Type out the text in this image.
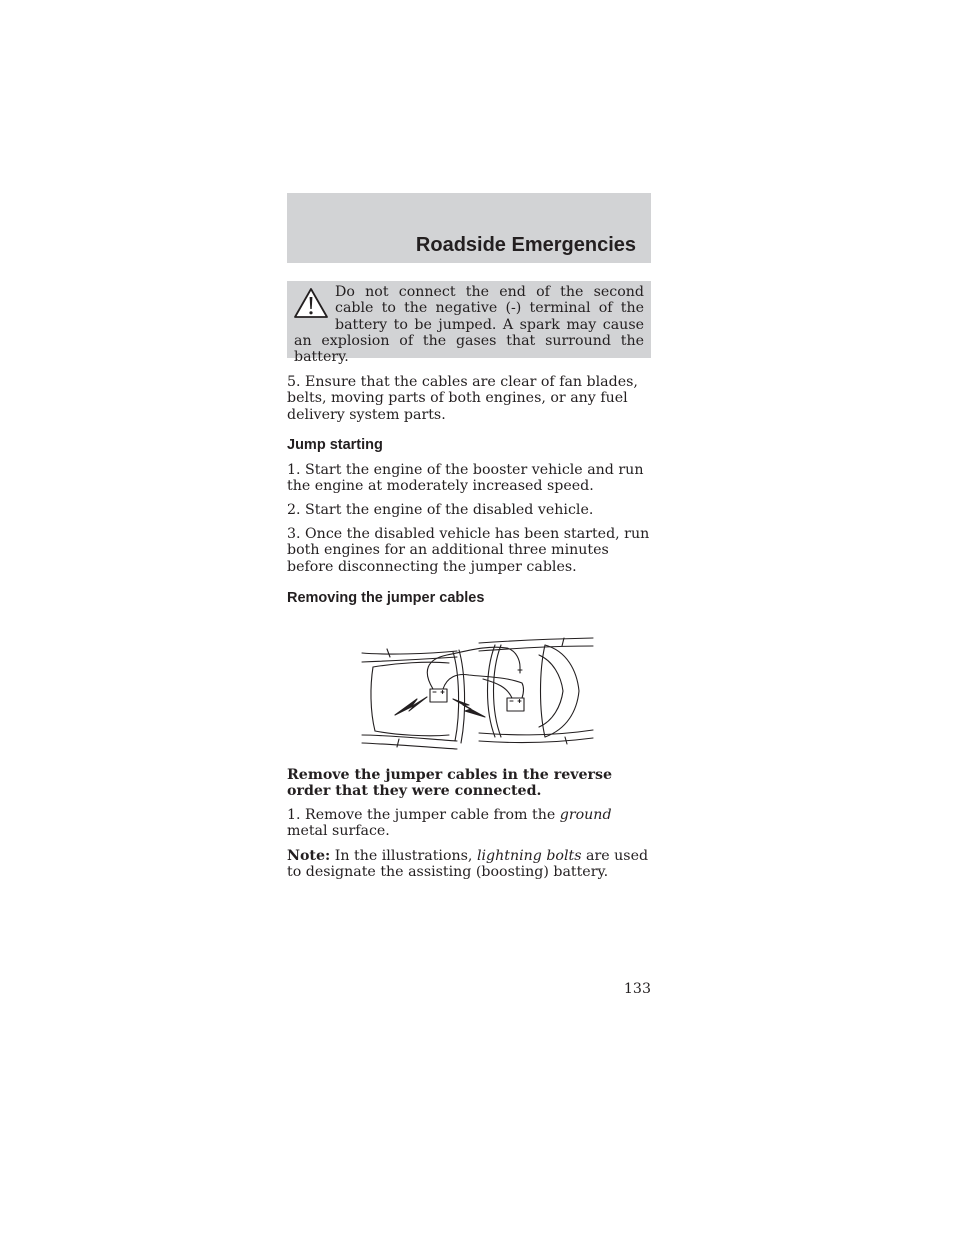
Roadside Emergencies
Do not connect the end of the second cable to the negative (-) terminal of the battery to be jumped. A spark may cause an explosion of the gases that surround the battery.

5. Ensure that the cables are clear of fan blades, belts, moving parts of both engines, or any fuel delivery system parts.

Jump starting

1. Start the engine of the booster vehicle and run the engine at moderately increased speed.

2. Start the engine of the disabled vehicle.

3. Once the disabled vehicle has been started, run both engines for an additional three minutes before disconnecting the jumper cables.

Removing the jumper cables

Remove the jumper cables in the reverse order that they were connected.

1. Remove the jumper cable from the ground metal surface.

Note: In the illustrations, lightning bolts are used to designate the assisting (boosting) battery.

133
